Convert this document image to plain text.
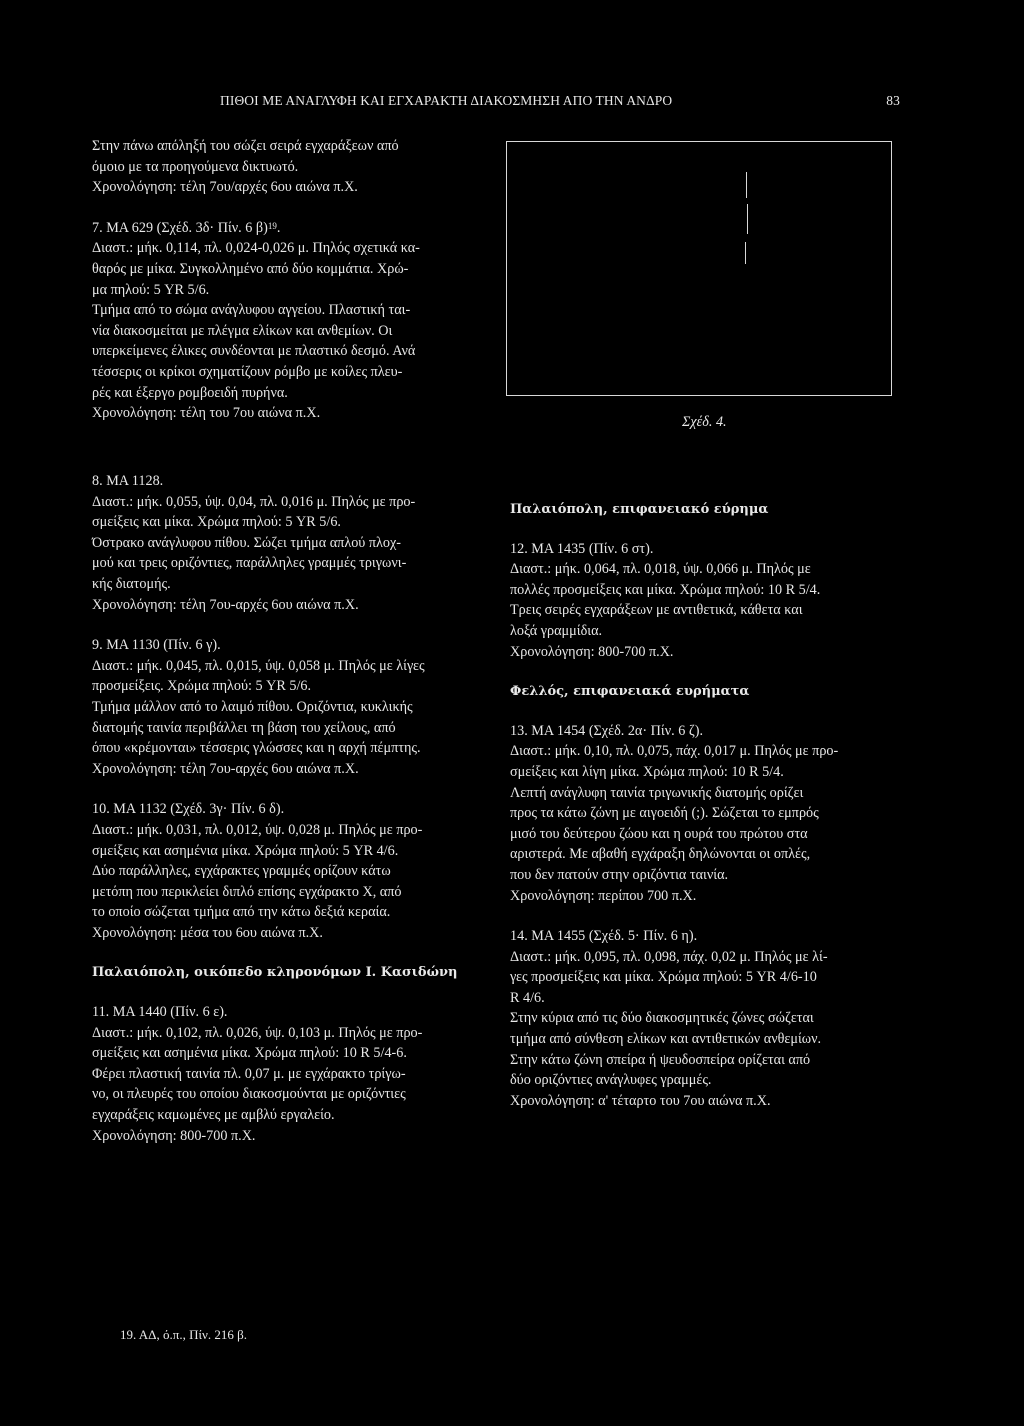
ΠΙΘΟΙ ΜΕ ΑΝΑΓΛΥΦΗ ΚΑΙ ΕΓΧΑΡΑΚΤΗ ΔΙΑΚΟΣΜΗΣΗ ΑΠΟ ΤΗΝ ΑΝΔΡΟ	83

Στην πάνω απόληξή του σώζει σειρά εγχαράξεων από

όμοιο με τα προηγούμενα δικτυωτό.

Χρονολόγηση: τέλη 7ου/αρχές 6ου αιώνα π.Χ.

7. ΜΑ 629 (Σχέδ. 3δ· Πίν. 6 β)$^{19}$.

Διαστ.: μήκ. 0,114, πλ. 0,024-0,026 μ. Πηλός σχετικά κα-

θαρός με μίκα. Συγκολλημένο από δύο κομμάτια. Χρώ-

μα πηλού: 5 YR 5/6.

Τμήμα από το σώμα ανάγλυφου αγγείου. Πλαστική ται-

νία διακοσμείται με πλέγμα ελίκων και ανθεμίων. Οι

υπερκείμενες έλικες συνδέονται με πλαστικό δεσμό. Ανά

τέσσερις οι κρίκοι σχηματίζουν ρόμβο με κοίλες πλευ-

ρές και έξεργο ρομβοειδή πυρήνα.

Χρονολόγηση: τέλη του 7ου αιώνα π.Χ.

Σχέδ. 4.

8. ΜΑ 1128.

Διαστ.: μήκ. 0,055, ύψ. 0,04, πλ. 0,016 μ. Πηλός με προ-

σμείξεις και μίκα. Χρώμα πηλού: 5 YR 5/6.

Όστρακο ανάγλυφου πίθου. Σώζει τμήμα απλού πλοχ-

μού και τρεις οριζόντιες, παράλληλες γραμμές τριγωνι-

κής διατομής.

Χρονολόγηση: τέλη 7ου-αρχές 6ου αιώνα π.Χ.

9. ΜΑ 1130 (Πίν. 6 γ).

Διαστ.: μήκ. 0,045, πλ. 0,015, ύψ. 0,058 μ. Πηλός με λίγες

προσμείξεις. Χρώμα πηλού: 5 YR 5/6.

Τμήμα μάλλον από το λαιμό πίθου. Οριζόντια, κυκλικής

διατομής ταινία περιβάλλει τη βάση του χείλους, από

όπου «κρέμονται» τέσσερις γλώσσες και η αρχή πέμπτης.

Χρονολόγηση: τέλη 7ου-αρχές 6ου αιώνα π.Χ.

10. ΜΑ 1132 (Σχέδ. 3γ· Πίν. 6 δ).

Διαστ.: μήκ. 0,031, πλ. 0,012, ύψ. 0,028 μ. Πηλός με προ-

σμείξεις και ασημένια μίκα. Χρώμα πηλού: 5 YR 4/6.

Δύο παράλληλες, εγχάρακτες γραμμές ορίζουν κάτω

μετόπη που περικλείει διπλό επίσης εγχάρακτο Χ, από

το οποίο σώζεται τμήμα από την κάτω δεξιά κεραία.

Χρονολόγηση: μέσα του 6ου αιώνα π.Χ.

Παλαιόπολη, οικόπεδο κληρονόμων Ι. Κασιδώνη

11. ΜΑ 1440 (Πίν. 6 ε).

Διαστ.: μήκ. 0,102, πλ. 0,026, ύψ. 0,103 μ. Πηλός με προ-

σμείξεις και ασημένια μίκα. Χρώμα πηλού: 10 R 5/4-6.

Φέρει πλαστική ταινία πλ. 0,07 μ. με εγχάρακτο τρίγω-

νο, οι πλευρές του οποίου διακοσμούνται με οριζόντιες

εγχαράξεις καμωμένες με αμβλύ εργαλείο.

Χρονολόγηση: 800-700 π.Χ.

Παλαιόπολη, επιφανειακό εύρημα

12. ΜΑ 1435 (Πίν. 6 στ).

Διαστ.: μήκ. 0,064, πλ. 0,018, ύψ. 0,066 μ. Πηλός με

πολλές προσμείξεις και μίκα. Χρώμα πηλού: 10 R 5/4.

Τρεις σειρές εγχαράξεων με αντιθετικά, κάθετα και

λοξά γραμμίδια.

Χρονολόγηση: 800-700 π.Χ.

Φελλός, επιφανειακά ευρήματα

13. ΜΑ 1454 (Σχέδ. 2α· Πίν. 6 ζ).

Διαστ.: μήκ. 0,10, πλ. 0,075, πάχ. 0,017 μ. Πηλός με προ-

σμείξεις και λίγη μίκα. Χρώμα πηλού: 10 R 5/4.

Λεπτή ανάγλυφη ταινία τριγωνικής διατομής ορίζει

προς τα κάτω ζώνη με αιγοειδή (;). Σώζεται το εμπρός

μισό του δεύτερου ζώου και η ουρά του πρώτου στα

αριστερά. Με αβαθή εγχάραξη δηλώνονται οι οπλές,

που δεν πατούν στην οριζόντια ταινία.

Χρονολόγηση: περίπου 700 π.Χ.

14. ΜΑ 1455 (Σχέδ. 5· Πίν. 6 η).

Διαστ.: μήκ. 0,095, πλ. 0,098, πάχ. 0,02 μ. Πηλός με λί-

γες προσμείξεις και μίκα. Χρώμα πηλού: 5 YR 4/6-10

R 4/6.

Στην κύρια από τις δύο διακοσμητικές ζώνες σώζεται

τμήμα από σύνθεση ελίκων και αντιθετικών ανθεμίων.

Στην κάτω ζώνη σπείρα ή ψευδοσπείρα ορίζεται από

δύο οριζόντιες ανάγλυφες γραμμές.

Χρονολόγηση: α' τέταρτο του 7ου αιώνα π.Χ.

19. ΑΔ, ό.π., Πίν. 216 β.
